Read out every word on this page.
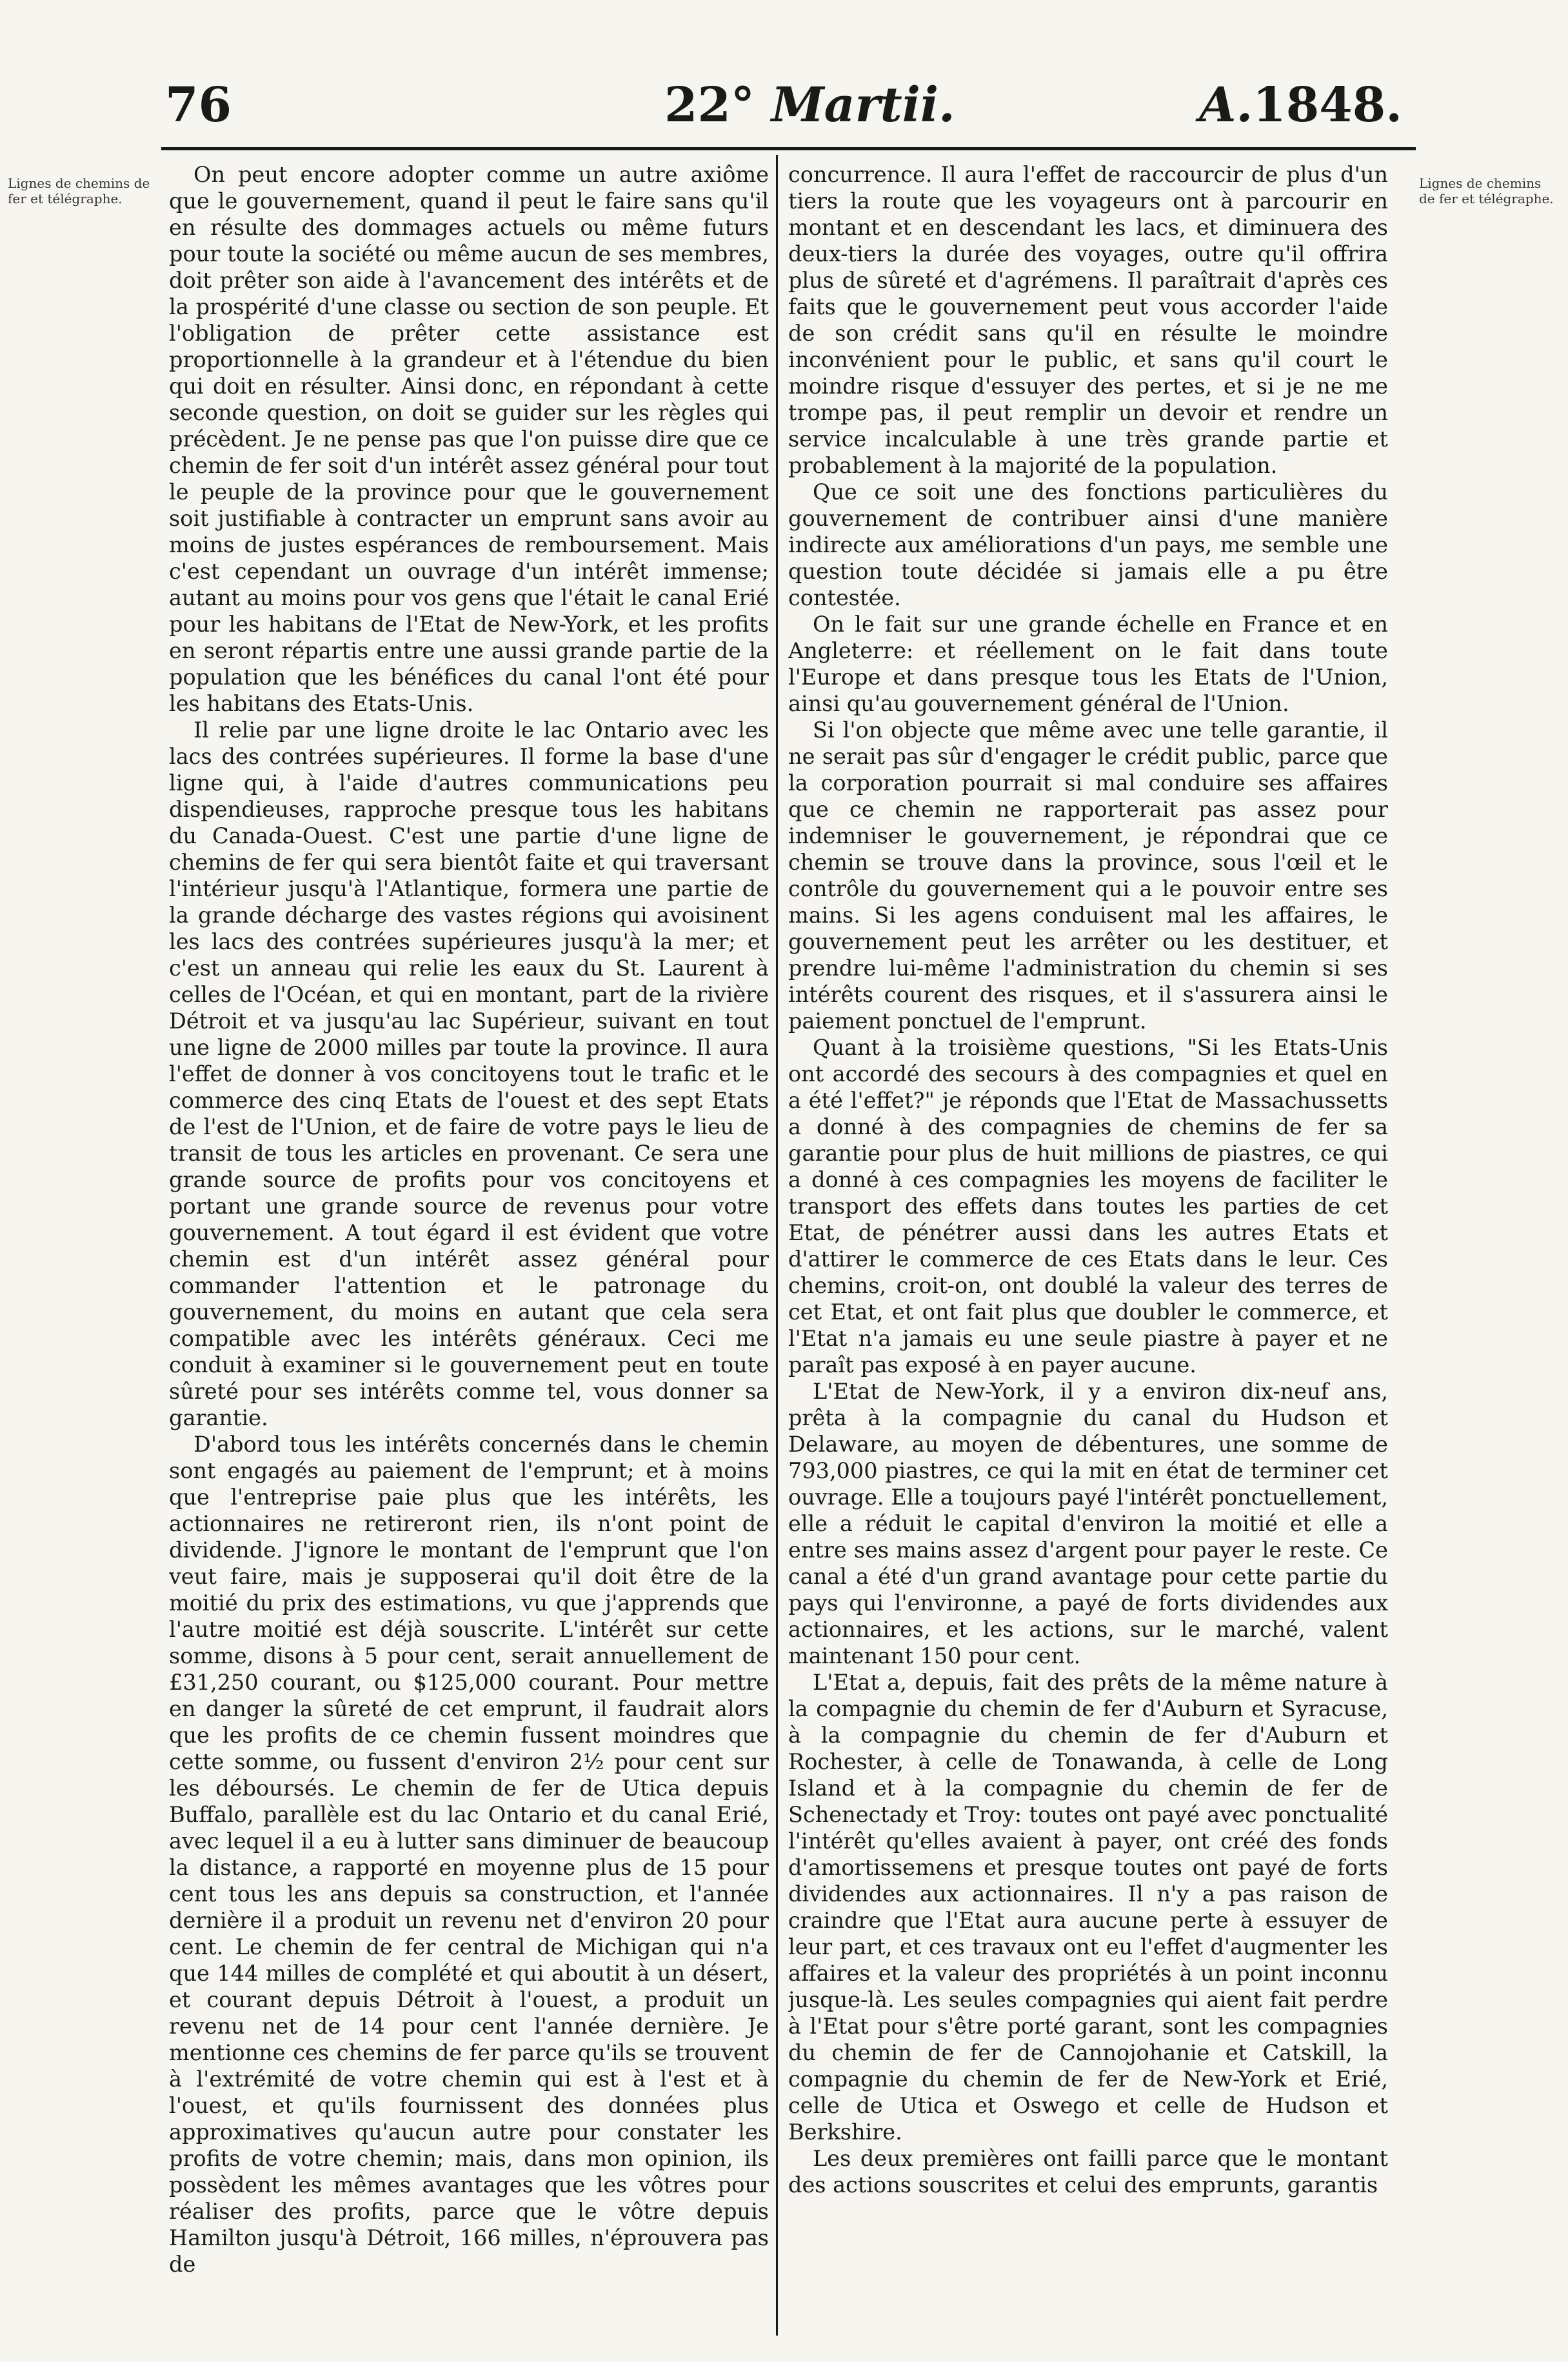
76	22° Martii.	A.1848.
Lignes de chemins de fer et télégraphe.
Lignes de chemins de fer et télégraphe.

On peut encore adopter comme un autre axiôme que le gouvernement, quand il peut le faire sans qu'il en résulte des dommages actuels ou même futurs pour toute la société ou même aucun de ses membres, doit prêter son aide à l'avancement des intérêts et de la prospérité d'une classe ou section de son peuple. Et l'obligation de prêter cette assistance est proportionnelle à la grandeur et à l'étendue du bien qui doit en résulter. Ainsi donc, en répondant à cette seconde question, on doit se guider sur les règles qui précèdent. Je ne pense pas que l'on puisse dire que ce chemin de fer soit d'un intérêt assez général pour tout le peuple de la province pour que le gouvernement soit justifiable à contracter un emprunt sans avoir au moins de justes espérances de remboursement. Mais c'est cependant un ouvrage d'un intérêt immense; autant au moins pour vos gens que l'était le canal Erié pour les habitans de l'Etat de New-York, et les profits en seront répartis entre une aussi grande partie de la population que les bénéfices du canal l'ont été pour les habitans des Etats-Unis.

Il relie par une ligne droite le lac Ontario avec les lacs des contrées supérieures. Il forme la base d'une ligne qui, à l'aide d'autres communications peu dispendieuses, rapproche presque tous les habitans du Canada-Ouest. C'est une partie d'une ligne de chemins de fer qui sera bientôt faite et qui traversant l'intérieur jusqu'à l'Atlantique, formera une partie de la grande décharge des vastes régions qui avoisinent les lacs des contrées supérieures jusqu'à la mer; et c'est un anneau qui relie les eaux du St. Laurent à celles de l'Océan, et qui en montant, part de la rivière Détroit et va jusqu'au lac Supérieur, suivant en tout une ligne de 2000 milles par toute la province. Il aura l'effet de donner à vos concitoyens tout le trafic et le commerce des cinq Etats de l'ouest et des sept Etats de l'est de l'Union, et de faire de votre pays le lieu de transit de tous les articles en provenant. Ce sera une grande source de profits pour vos concitoyens et portant une grande source de revenus pour votre gouvernement. A tout égard il est évident que votre chemin est d'un intérêt assez général pour commander l'attention et le patronage du gouvernement, du moins en autant que cela sera compatible avec les intérêts généraux. Ceci me conduit à examiner si le gouvernement peut en toute sûreté pour ses intérêts comme tel, vous donner sa garantie.

D'abord tous les intérêts concernés dans le chemin sont engagés au paiement de l'emprunt; et à moins que l'entreprise paie plus que les intérêts, les actionnaires ne retireront rien, ils n'ont point de dividende. J'ignore le montant de l'emprunt que l'on veut faire, mais je supposerai qu'il doit être de la moitié du prix des estimations, vu que j'apprends que l'autre moitié est déjà souscrite. L'intérêt sur cette somme, disons à 5 pour cent, serait annuellement de £31,250 courant, ou $125,000 courant. Pour mettre en danger la sûreté de cet emprunt, il faudrait alors que les profits de ce chemin fussent moindres que cette somme, ou fussent d'environ 2½ pour cent sur les déboursés. Le chemin de fer de Utica depuis Buffalo, parallèle est du lac Ontario et du canal Erié, avec lequel il a eu à lutter sans diminuer de beaucoup la distance, a rapporté en moyenne plus de 15 pour cent tous les ans depuis sa construction, et l'année dernière il a produit un revenu net d'environ 20 pour cent. Le chemin de fer central de Michigan qui n'a que 144 milles de complété et qui aboutit à un désert, et courant depuis Détroit à l'ouest, a produit un revenu net de 14 pour cent l'année dernière. Je mentionne ces chemins de fer parce qu'ils se trouvent à l'extrémité de votre chemin qui est à l'est et à l'ouest, et qu'ils fournissent des données plus approximatives qu'aucun autre pour constater les profits de votre chemin; mais, dans mon opinion, ils possèdent les mêmes avantages que les vôtres pour réaliser des profits, parce que le vôtre depuis Hamilton jusqu'à Détroit, 166 milles, n'éprouvera pas de

concurrence. Il aura l'effet de raccourcir de plus d'un tiers la route que les voyageurs ont à parcourir en montant et en descendant les lacs, et diminuera des deux-tiers la durée des voyages, outre qu'il offrira plus de sûreté et d'agrémens. Il paraîtrait d'après ces faits que le gouvernement peut vous accorder l'aide de son crédit sans qu'il en résulte le moindre inconvénient pour le public, et sans qu'il court le moindre risque d'essuyer des pertes, et si je ne me trompe pas, il peut remplir un devoir et rendre un service incalculable à une très grande partie et probablement à la majorité de la population.

Que ce soit une des fonctions particulières du gouvernement de contribuer ainsi d'une manière indirecte aux améliorations d'un pays, me semble une question toute décidée si jamais elle a pu être contestée.

On le fait sur une grande échelle en France et en Angleterre: et réellement on le fait dans toute l'Europe et dans presque tous les Etats de l'Union, ainsi qu'au gouvernement général de l'Union.

Si l'on objecte que même avec une telle garantie, il ne serait pas sûr d'engager le crédit public, parce que la corporation pourrait si mal conduire ses affaires que ce chemin ne rapporterait pas assez pour indemniser le gouvernement, je répondrai que ce chemin se trouve dans la province, sous l'œil et le contrôle du gouvernement qui a le pouvoir entre ses mains. Si les agens conduisent mal les affaires, le gouvernement peut les arrêter ou les destituer, et prendre lui-même l'administration du chemin si ses intérêts courent des risques, et il s'assurera ainsi le paiement ponctuel de l'emprunt.

Quant à la troisième questions, "Si les Etats-Unis ont accordé des secours à des compagnies et quel en a été l'effet?" je réponds que l'Etat de Massachussetts a donné à des compagnies de chemins de fer sa garantie pour plus de huit millions de piastres, ce qui a donné à ces compagnies les moyens de faciliter le transport des effets dans toutes les parties de cet Etat, de pénétrer aussi dans les autres Etats et d'attirer le commerce de ces Etats dans le leur. Ces chemins, croit-on, ont doublé la valeur des terres de cet Etat, et ont fait plus que doubler le commerce, et l'Etat n'a jamais eu une seule piastre à payer et ne paraît pas exposé à en payer aucune.

L'Etat de New-York, il y a environ dix-neuf ans, prêta à la compagnie du canal du Hudson et Delaware, au moyen de débentures, une somme de 793,000 piastres, ce qui la mit en état de terminer cet ouvrage. Elle a toujours payé l'intérêt ponctuellement, elle a réduit le capital d'environ la moitié et elle a entre ses mains assez d'argent pour payer le reste. Ce canal a été d'un grand avantage pour cette partie du pays qui l'environne, a payé de forts dividendes aux actionnaires, et les actions, sur le marché, valent maintenant 150 pour cent.

L'Etat a, depuis, fait des prêts de la même nature à la compagnie du chemin de fer d'Auburn et Syracuse, à la compagnie du chemin de fer d'Auburn et Rochester, à celle de Tonawanda, à celle de Long Island et à la compagnie du chemin de fer de Schenectady et Troy: toutes ont payé avec ponctualité l'intérêt qu'elles avaient à payer, ont créé des fonds d'amortissemens et presque toutes ont payé de forts dividendes aux actionnaires. Il n'y a pas raison de craindre que l'Etat aura aucune perte à essuyer de leur part, et ces travaux ont eu l'effet d'augmenter les affaires et la valeur des propriétés à un point inconnu jusque-là. Les seules compagnies qui aient fait perdre à l'Etat pour s'être porté garant, sont les compagnies du chemin de fer de Cannojohanie et Catskill, la compagnie du chemin de fer de New-York et Erié, celle de Utica et Oswego et celle de Hudson et Berkshire.

Les deux premières ont failli parce que le montant des actions souscrites et celui des emprunts, garantis
